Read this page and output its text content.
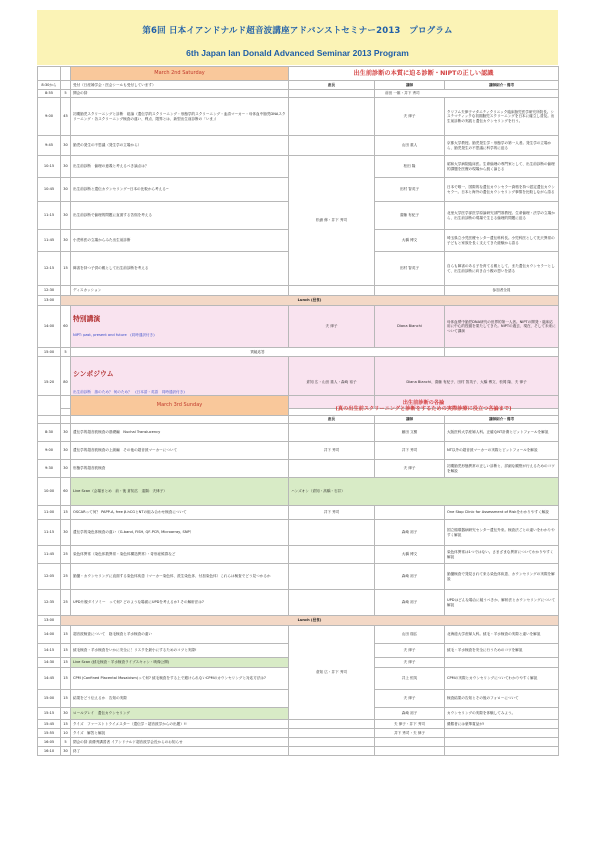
第6回 日本イアンドナルド超音波講座アドバンストセミナー2013　プログラム
6th Japan Ian Donald Advanced Seminar 2013 Program
		March 2nd Saturday	出生前診断の本質に迫る診断・NIPTの正しい認識		
8:30から		受付（日産婦学会・医会シールも受付しています）	座長	講師	講師紹介・備考
8:55	5	開会の辞		前田 一雄・井下 秀司	
9:00	45	初期胎児スクリーニングと診断　総論（遺伝学的スクリーニング・形態学的スクリーニング・血清マーカー・母体血中胎児DNAスクリーニング・各スクリーニング検査の違い、利点、限界とは、新型出生前診断の「いま」）		夫 律子	クリフム夫律子マタニティクリニック臨床胎児医学研究所院長。システマティックな初期胎児スクリーニングを日本に確立し普及。出生前診断の実践と遺伝カウンセリングを行う。
9:45	30	胎児の発生の不思議（発生学の立場から）		山田 重人	京都大学教授。胎児発生学・形態学の第一人者。発生学の立場から、胎児発生の不思議に科学的に迫る
10:15	30	出生前診断　倫理の意義と考えるべき論点は？	松浦 修・井下 秀司	松田 隆	昭和大学病院臨床医。生命倫理の専門家として、出生前診断の倫理的課題を医療の現場から鋭く論じる
10:45	30	出生前診断と遺伝カウンセリング−日本の比較から考える−		田村 智英子	日本で唯一、国際的な遺伝カウンセラー資格を持つ認定遺伝カウンセラー。日本と海外の遺伝カウンセリング事情を比較しながら語る
11:15	30	出生前診断で倫理的問題に直面する苦悩を考える		齋藤 有紀子	北里大学医学部医学原論研究部門准教授。生命倫理・法学の立場から、出生前診断の現場で生じる倫理的問題に迫る
11:45	30	小児科医の立場からみた出生前診断		大橋 博文	埼玉県立小児医療センター遺伝科科長。小児科医として先天異常の子どもと家族を長く支えてきた経験から語る
12:15	15	障害を持つ子供の親として出生前診断を考える		田村 智英子	自らも障害のある子を育てる親として、また遺伝カウンセラーとして、出生前診断に向き合う親の思いを語る
12:30		ディスカッション			参加者全員
13:00	Lunch (昼食)				
14:00	60	特別講演
NIPT: past, present and future　(同時通訳付き)	夫 律子	Diana Bianchi	母体血漿中胎児DNA研究の世界的第一人者。NIPTの開発・臨床応用に中心的役割を果たしてきた。NIPTの過去、現在、そして未来について講演
15:00	5	質疑応答			
15:20	80	シンポジウム
出生前診断　誰のため？ 何のため？　(日本語・英語　同時通訳付き)	倉知 広・山田 重人・森崎 裕子	Diana Bianchi、齋藤 有紀子、田村 智英子、大橋 博文、松岡 隆、夫 律子	
		March 3rd Sunday	出生前診断の各論
(真の出生前スクリーニングと診断をするための実際診療に役立つ各論まで)		
			座長	講師	講師紹介・備考
8:30	30	遺伝学的超音波検査の基礎編　Nuchal Translucency		藤田 文樹	大阪医科大学産婦人科。正確なNT計測とピットフォールを解説
9:00	30	遺伝学的超音波検査の上級編　その他の超音波マーカーについて	井下 秀司	井下 秀司	NT以外の超音波マーカーの実際とピットフォールを解説
9:30	30	形態学的超音波検査		夫 律子	初期胎児形態異常の正しい診断と、詳細な観察が行えるためのコツを解説
10:00	60	Live Scan（会場まとめ　前・後 倉知広　遠隔：夫律子）	ハンズオン（倉知・高橋・石井）		
11:00	15	OSCARって何？ PAPP-A, free β-hCGとNTの組み合わせ検査について	井下 秀司		One Stop Clinic for Assessment of Riskをわかりやすく解説
11:15	30	遺伝学的染色体検査の違い（G-band, FISH, QF-PCR, Microarray, SNP）		森崎 裕子	国立循環器病研究センター遺伝外来。検査法ごとの違いをわかりやすく解説
11:45	25	染色体異常（染色体数異常・染色体構造異常）・奇形症候群など		大橋 博文	染色体異常は1つではない。さまざまな異常についてわかりやすく解説
12:05	25	胎盤・カウンセリングに直面する染色体疾患（マーカー染色体、派生染色体、付加染色体）これらは検査でどう見つかるか		森崎 裕子	胎盤検査で発見されて来る染色体疾患、カウンセリングの実際を解説
12:35	25	UPD片親ダイソミー　って何? どのような場面にUPDを考えるか? その解析法は?		森崎 裕子	UPDはどんな場合に疑うべきか、解析法とカウンセリングについて解説
13:00	Lunch (昼食)				
14:00	15	超音波検査について　陰毛検査と羊水検査の違い	倉知 広・井下 秀司	山田 瑞弘	北海道大学産婦人科。絨毛・羊水検査の実際と違いを解説
14:15	15	絨毛検査・羊水検査をいかに安全に！リスクを最小にするためのコツと実際!		夫 律子	絨毛・羊水検査を安全に行うためのコツを解説
14:30	15	Live Scan (絨毛検査・羊水検査ライブスキャン・映像公開)		夫 律子	
14:45	15	CPM (Confined Placental Mosaicism)って何? 絨毛検査をする上で避けられないCPMのカウンセリングと対応方法は?		井上 恒英	CPMの実際とカウンセリングについてわかりやすく解説
15:00	15	結果をどう伝えるか　告知の実際		夫 律子	検査結果の告知とその後のフォローについて
15:15	30	ロールプレイ　遺伝カウンセリング		森崎 裕子	カウンセリングの実際を体験してみよう。
15:45	15	クイズ　ファーストトライメスター（遺伝学・超音波学からの出題）!!		夫 律子・井下 秀司	優勝者には豪華賞品が!
15:55	10	クイズ　解答と解説		井下 秀司・夫 律子	
16:05	5	閉会の辞 高優秀講習者 イアンドナルド超音波学会長からのお知らせ			
16:10	30	終了			
